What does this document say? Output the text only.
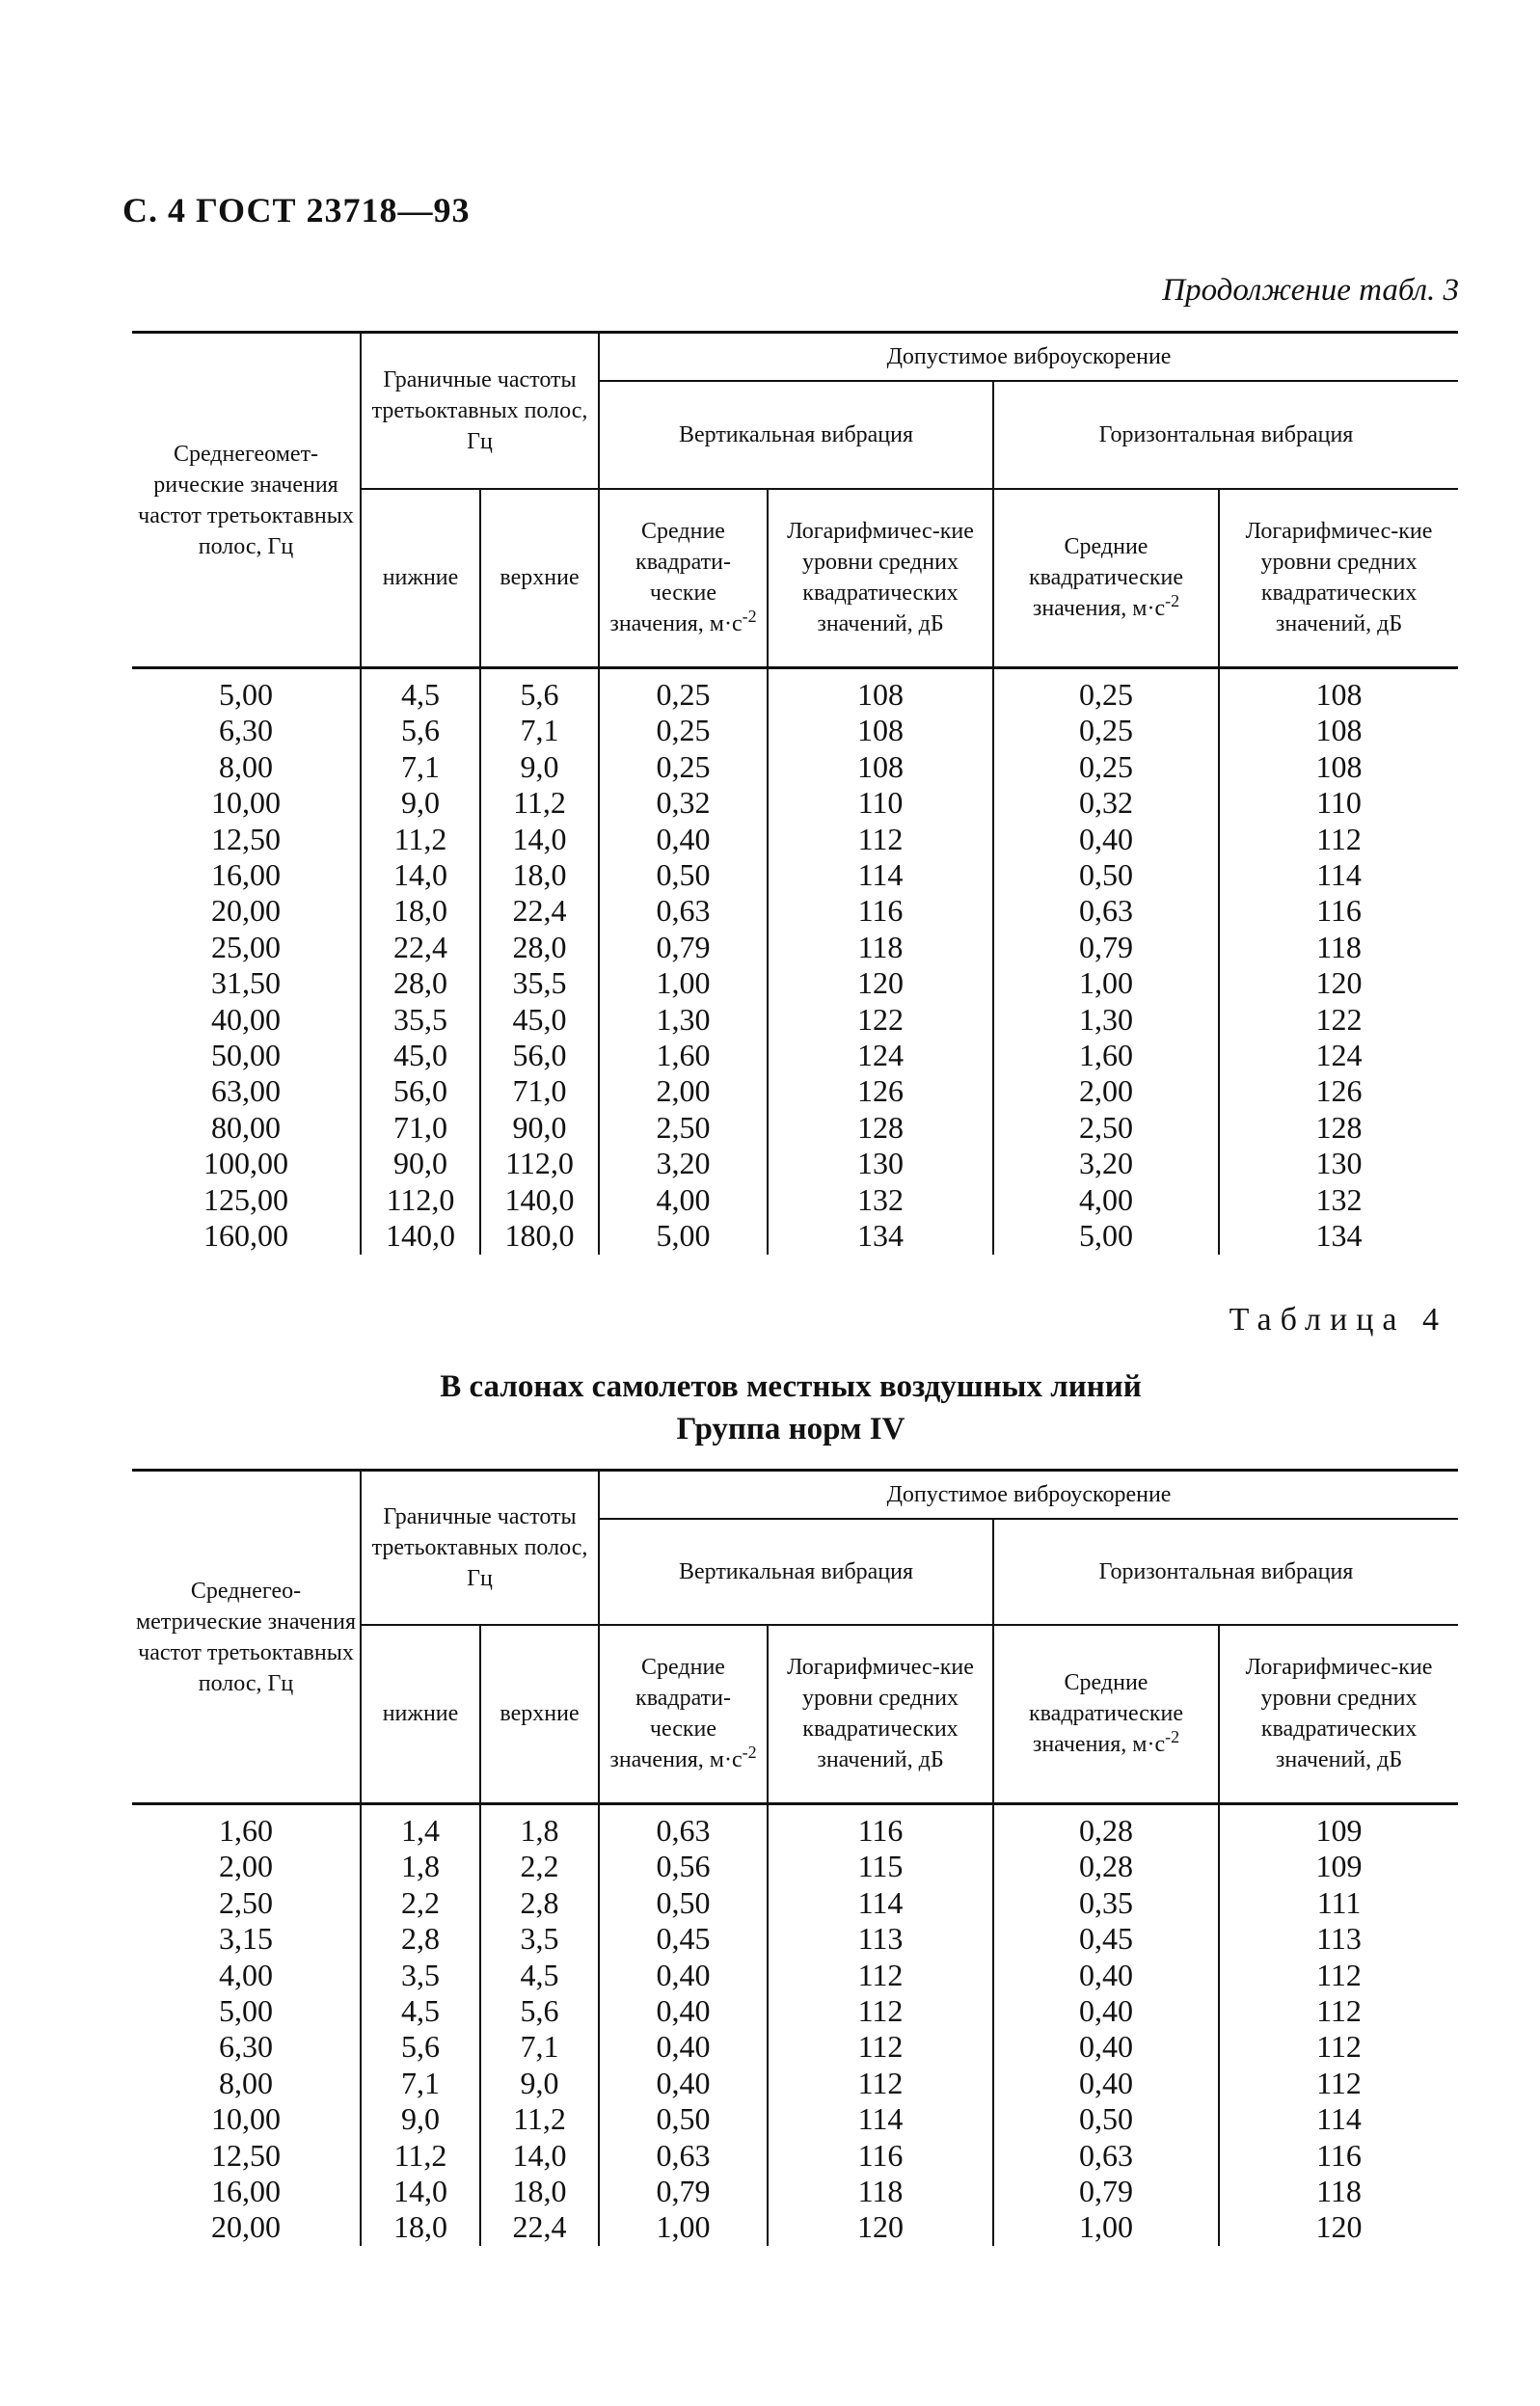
С. 4 ГОСТ 23718—93
Продолжение табл. 3
Среднегеомет-рические значения частот третьоктавных полос, Гц	Граничные частоты третьоктавных полос, Гц		Допустимое виброускорение			
			Вертикальная вибрация		Горизонтальная вибрация	
	нижние	верхние	Средние квадрати-ческие значения, $м\cdot с^{-2}$	Логарифмичес-кие уровни средних квадратических значений, дБ	Средние квадратические значения, $м\cdot с^{-2}$	Логарифмичес-кие уровни средних квадратических значений, дБ
5,00	4,5	5,6	0,25	108	0,25	108
6,30	5,6	7,1	0,25	108	0,25	108
8,00	7,1	9,0	0,25	108	0,25	108
10,00	9,0	11,2	0,32	110	0,32	110
12,50	11,2	14,0	0,40	112	0,40	112
16,00	14,0	18,0	0,50	114	0,50	114
20,00	18,0	22,4	0,63	116	0,63	116
25,00	22,4	28,0	0,79	118	0,79	118
31,50	28,0	35,5	1,00	120	1,00	120
40,00	35,5	45,0	1,30	122	1,30	122
50,00	45,0	56,0	1,60	124	1,60	124
63,00	56,0	71,0	2,00	126	2,00	126
80,00	71,0	90,0	2,50	128	2,50	128
100,00	90,0	112,0	3,20	130	3,20	130
125,00	112,0	140,0	4,00	132	4,00	132
160,00	140,0	180,0	5,00	134	5,00	134
Таблица 4
В салонах самолетов местных воздушных линий
Группа норм IV
Среднегео-метрические значения частот третьоктавных полос, Гц	Граничные частоты третьоктавных полос, Гц		Допустимое виброускорение			
			Вертикальная вибрация		Горизонтальная вибрация	
	нижние	верхние	Средние квадрати-ческие значения, $м\cdot с^{-2}$	Логарифмичес-кие уровни средних квадратических значений, дБ	Средние квадратические значения, $м\cdot с^{-2}$	Логарифмичес-кие уровни средних квадратических значений, дБ
1,60	1,4	1,8	0,63	116	0,28	109
2,00	1,8	2,2	0,56	115	0,28	109
2,50	2,2	2,8	0,50	114	0,35	111
3,15	2,8	3,5	0,45	113	0,45	113
4,00	3,5	4,5	0,40	112	0,40	112
5,00	4,5	5,6	0,40	112	0,40	112
6,30	5,6	7,1	0,40	112	0,40	112
8,00	7,1	9,0	0,40	112	0,40	112
10,00	9,0	11,2	0,50	114	0,50	114
12,50	11,2	14,0	0,63	116	0,63	116
16,00	14,0	18,0	0,79	118	0,79	118
20,00	18,0	22,4	1,00	120	1,00	120
